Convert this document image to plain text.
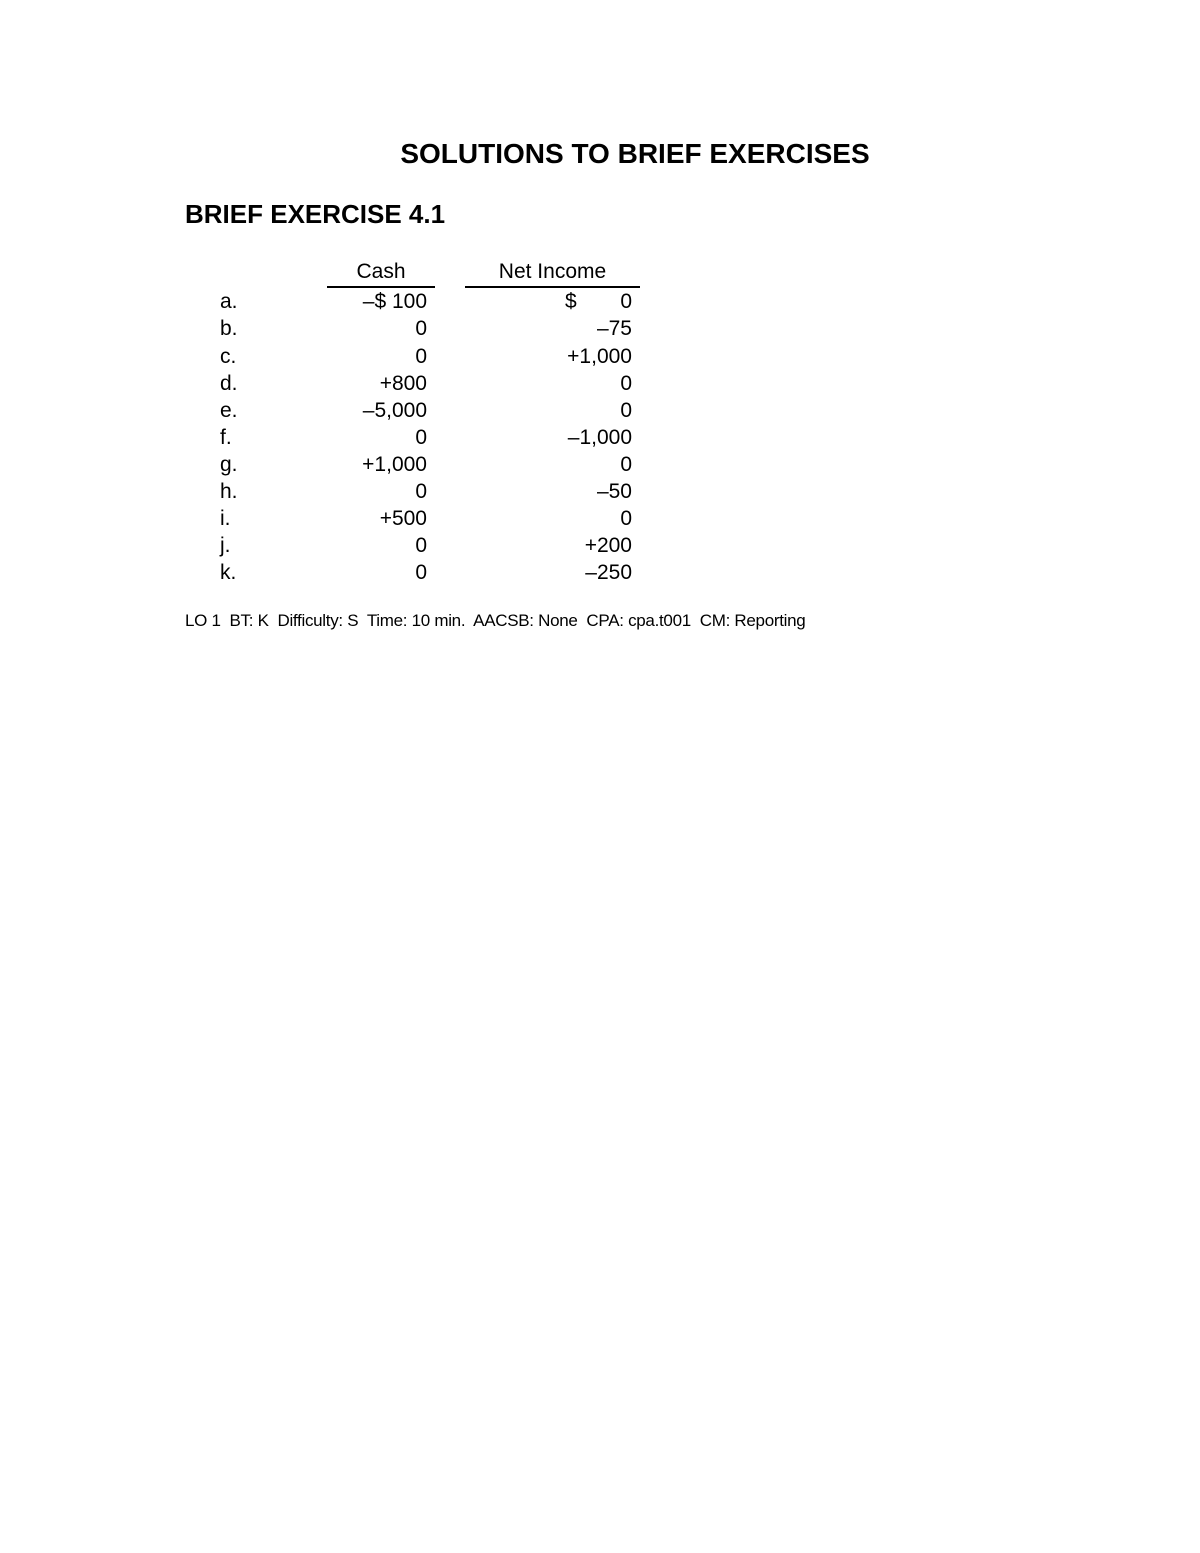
SOLUTIONS TO BRIEF EXERCISES
BRIEF EXERCISE 4.1
Cash	Net Income
a.	–$ 100	$	0
b.	0	–75
c.	0	+1,000
d.	+800	0
e.	–5,000	0
f.	0	–1,000
g.	+1,000	0
h.	0	–50
i.	+500	0
j.	0	+200
k.	0	–250
LO 1  BT: K  Difficulty: S  Time: 10 min.  AACSB: None  CPA: cpa.t001  CM: Reporting
